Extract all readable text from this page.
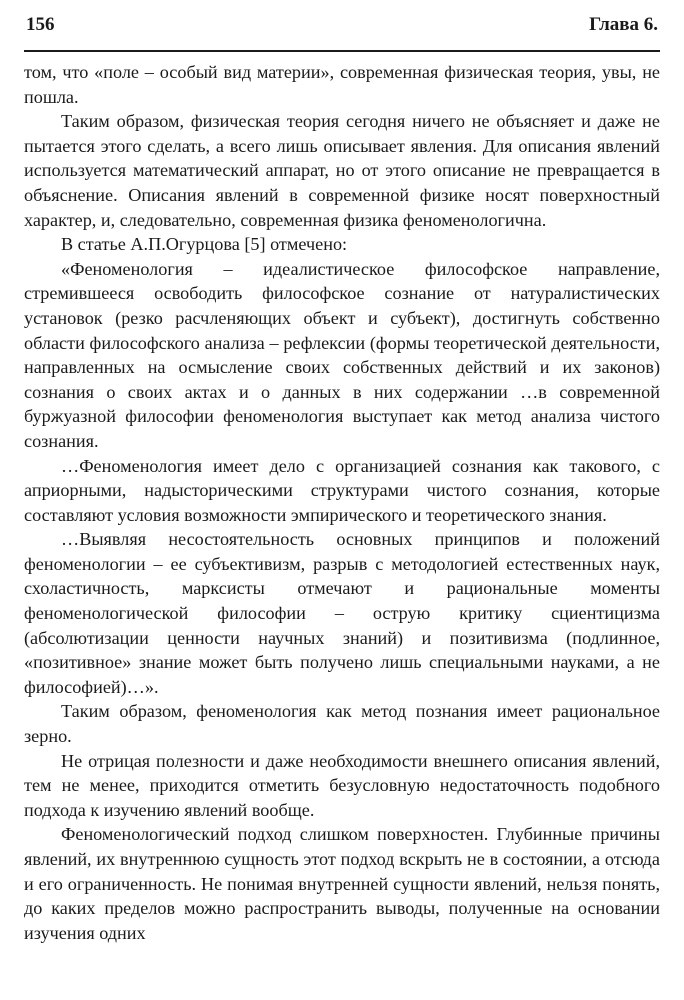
156	Глава 6.

том, что «поле – особый вид материи», современная физическая теория, увы, не пошла.

Таким образом, физическая теория сегодня ничего не объясняет и даже не пытается этого сделать, а всего лишь описывает явления. Для описания явлений используется математический аппарат, но от этого описание не превращается в объяснение. Описания явлений в современной физике носят поверхностный характер, и, следовательно, современная физика феноменологична.

В статье А.П.Огурцова [5] отмечено:

«Феноменология – идеалистическое философское направление, стремившееся освободить философское сознание от натуралистических установок (резко расчленяющих объект и субъект), достигнуть собственно области философского анализа – рефлексии (формы теоретической деятельности, направленных на осмысление своих собственных действий и их законов) сознания о своих актах и о данных в них содержании …в современной буржуазной философии феноменология выступает как метод анализа чистого сознания.

…Феноменология имеет дело с организацией сознания как такового, с априорными, надысторическими структурами чистого сознания, которые составляют условия возможности эмпирического и теоретического знания.

…Выявляя несостоятельность основных принципов и положений феноменологии – ее субъективизм, разрыв с методологией естественных наук, схоластичность, марксисты отмечают и рациональные моменты феноменологической философии – острую критику сциентицизма (абсолютизации ценности научных знаний) и позитивизма (подлинное, «позитивное» знание может быть получено лишь специальными науками, а не философией)…».

Таким образом, феноменология как метод познания имеет рациональное зерно.

Не отрицая полезности и даже необходимости внешнего описания явлений, тем не менее, приходится отметить безусловную недостаточность подобного подхода к изучению явлений вообще.

Феноменологический подход слишком поверхностен. Глубинные причины явлений, их внутреннюю сущность этот подход вскрыть не в состоянии, а отсюда и его ограниченность. Не понимая внутренней сущности явлений, нельзя понять, до каких пределов можно распространить выводы, полученные на основании изучения одних
